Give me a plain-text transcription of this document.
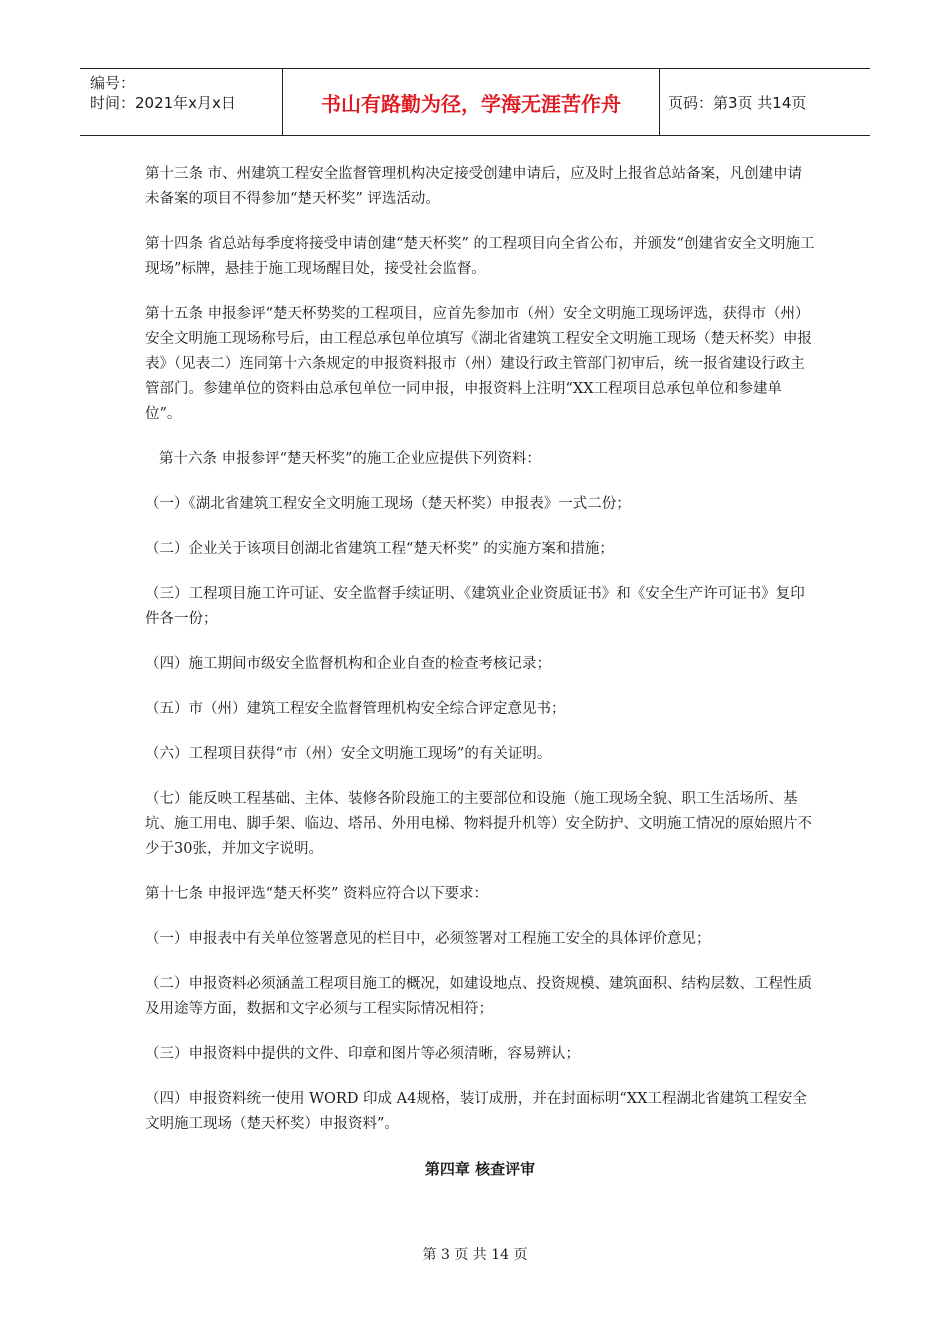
编号：
时间：2021年x月x日	书山有路勤为径，学海无涯苦作舟	页码：第3页 共14页

第十三条 市、州建筑工程安全监督管理机构决定接受创建申请后，应及时上报省总站备案，凡创建申请未备案的项目不得参加“楚天杯奖” 评选活动。

第十四条 省总站每季度将接受申请创建“楚天杯奖” 的工程项目向全省公布，并颁发“创建省安全文明施工现场”标牌，悬挂于施工现场醒目处，接受社会监督。

第十五条 申报参评“楚天杯势奖的工程项目，应首先参加市（州）安全文明施工现场评选，获得市（州）安全文明施工现场称号后，由工程总承包单位填写《湖北省建筑工程安全文明施工现场（楚天杯奖）申报表》（见表二）连同第十六条规定的申报资料报市（州）建设行政主管部门初审后，统一报省建设行政主管部门。参建单位的资料由总承包单位一同申报，申报资料上注明“XX工程项目总承包单位和参建单位”。

第十六条 申报参评“楚天杯奖”的施工企业应提供下列资料：

（一）《湖北省建筑工程安全文明施工现场（楚天杯奖）申报表》一式二份；

（二）企业关于该项目创湖北省建筑工程“楚天杯奖” 的实施方案和措施；

（三）工程项目施工许可证、安全监督手续证明、《建筑业企业资质证书》和《安全生产许可证书》复印件各一份；

（四）施工期间市级安全监督机构和企业自查的检查考核记录；

（五）市（州）建筑工程安全监督管理机构安全综合评定意见书；

（六）工程项目获得“市（州）安全文明施工现场”的有关证明。

（七）能反映工程基础、主体、装修各阶段施工的主要部位和设施（施工现场全貌、职工生活场所、基坑、施工用电、脚手架、临边、塔吊、外用电梯、物料提升机等）安全防护、文明施工情况的原始照片不少于30张，并加文字说明。

第十七条 申报评选“楚天杯奖” 资料应符合以下要求：

（一）申报表中有关单位签署意见的栏目中，必须签署对工程施工安全的具体评价意见；

（二）申报资料必须涵盖工程项目施工的概况，如建设地点、投资规模、建筑面积、结构层数、工程性质及用途等方面，数据和文字必须与工程实际情况相符；

（三）申报资料中提供的文件、印章和图片等必须清晰，容易辨认；

（四）申报资料统一使用 WORD 印成 A4规格，装订成册，并在封面标明“XX工程湖北省建筑工程安全文明施工现场（楚天杯奖）申报资料”。

第四章 核查评审
第 3 页 共 14 页
